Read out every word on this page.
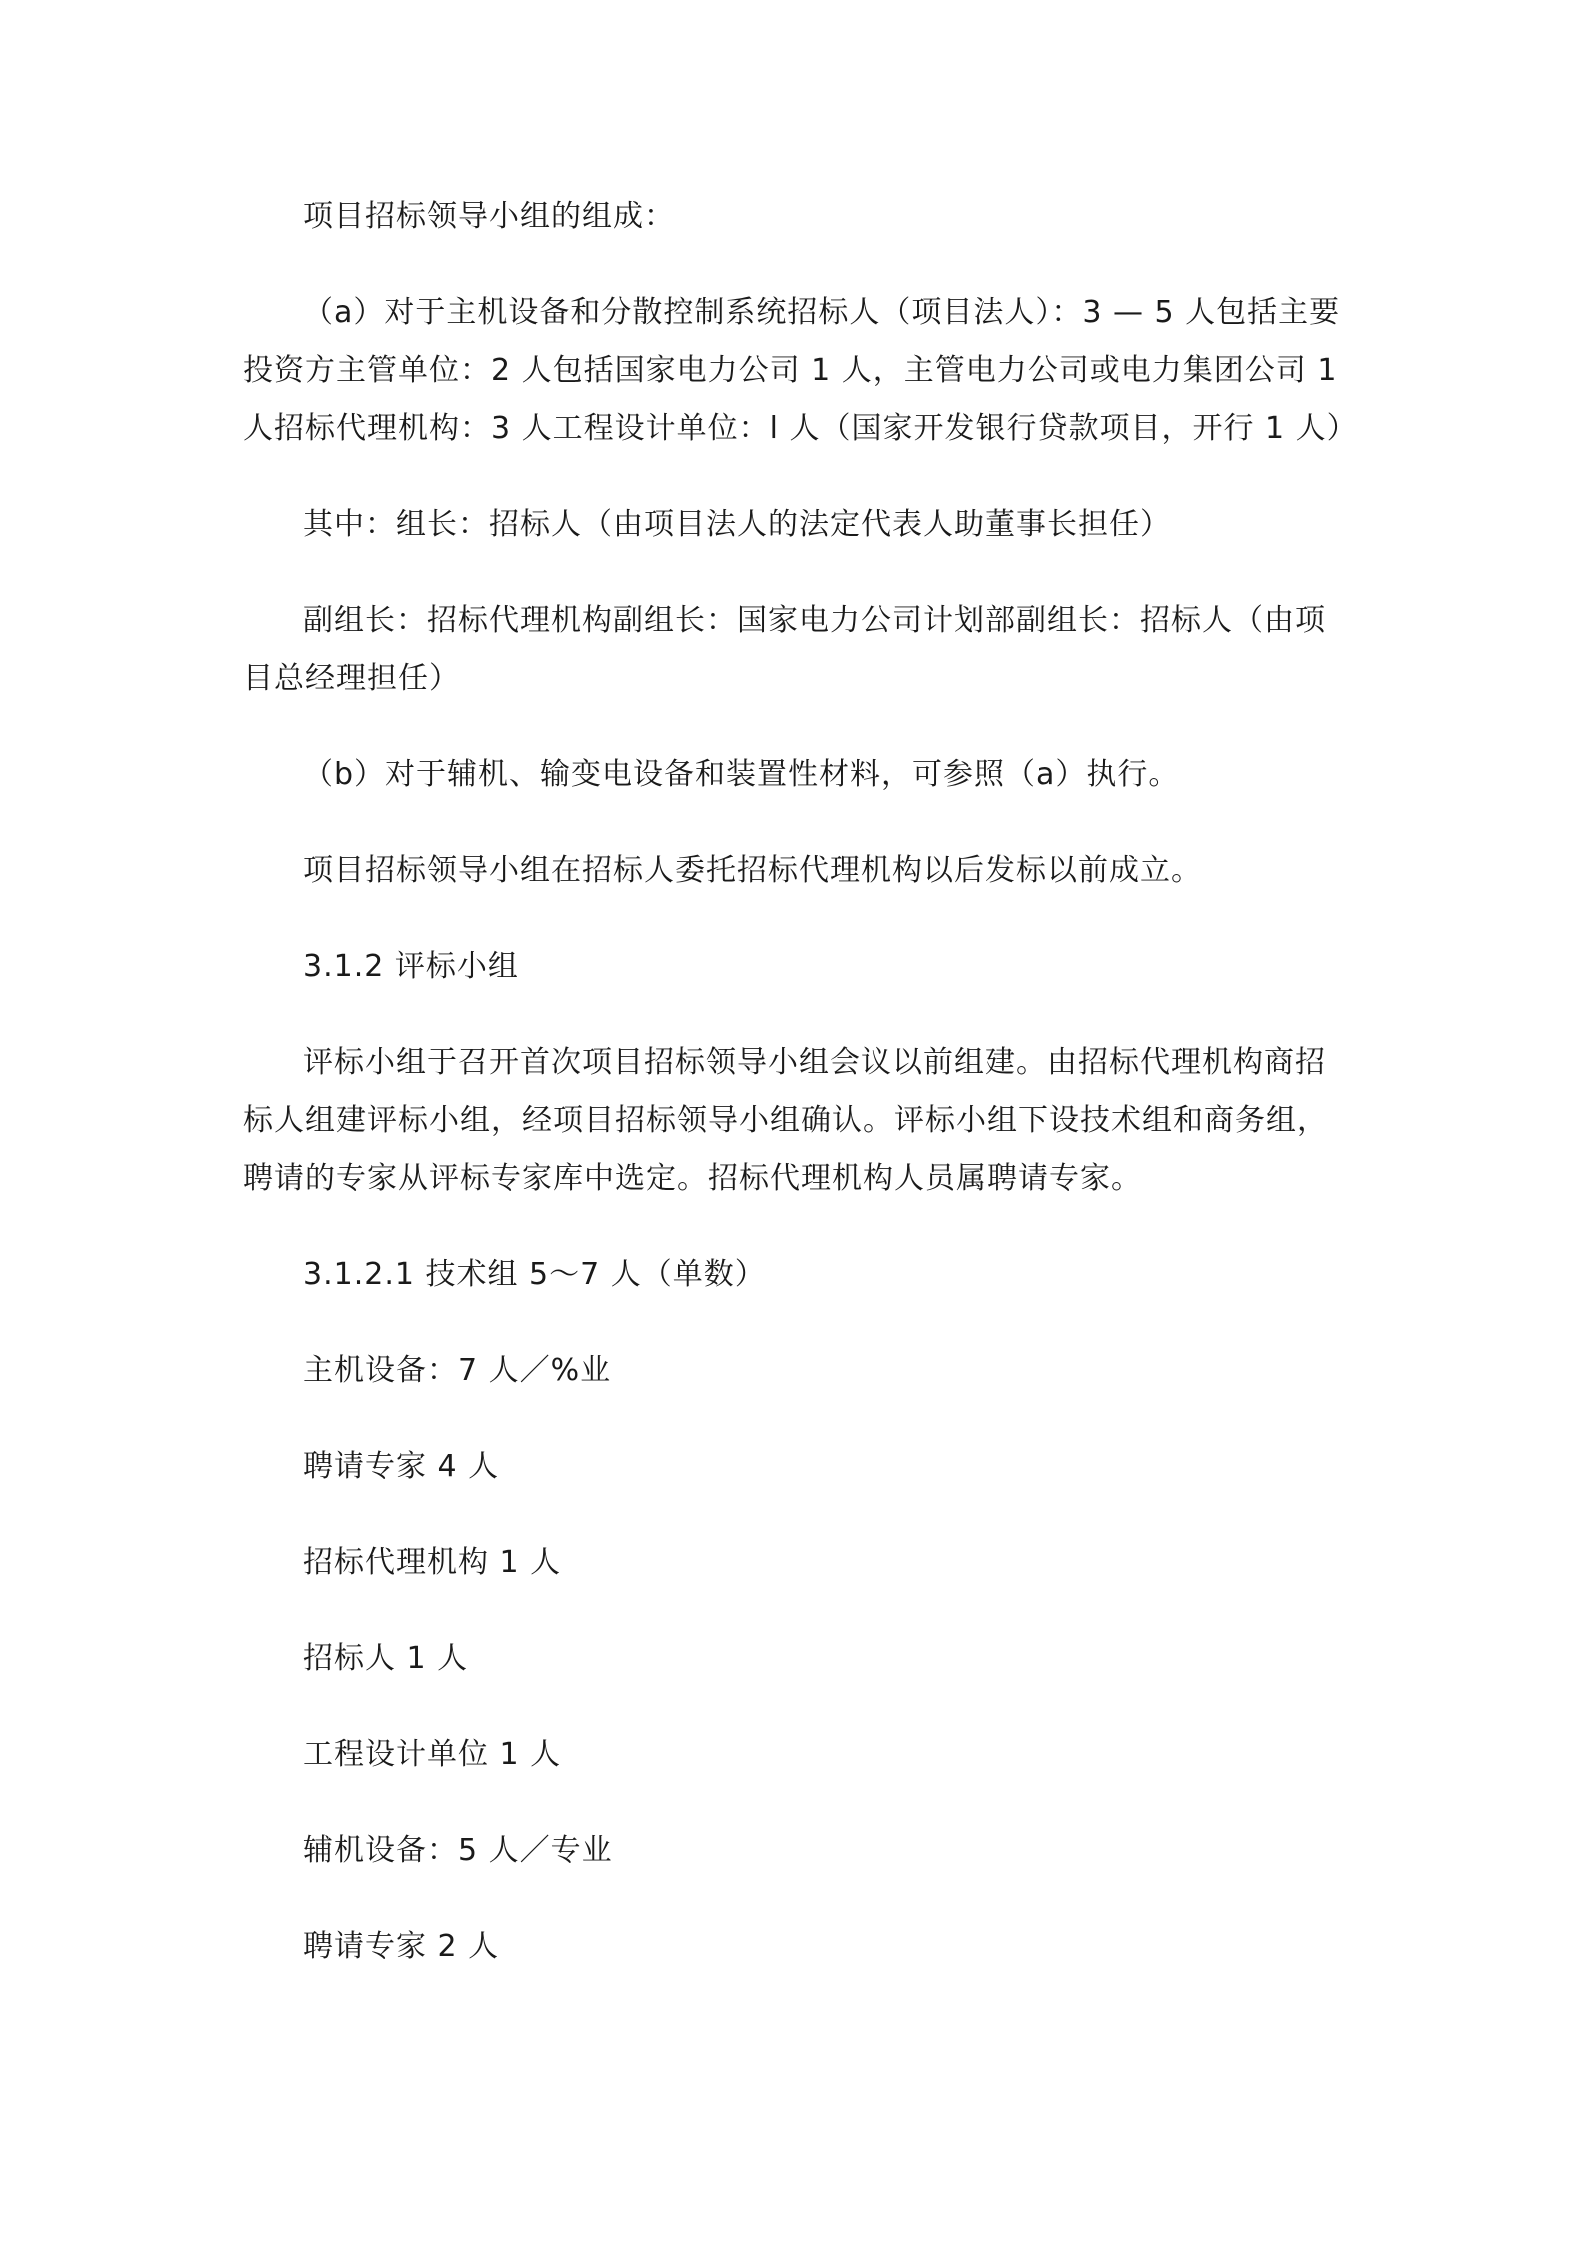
项目招标领导小组的组成：

（a）对于主机设备和分散控制系统招标人（项目法人）：3 — 5 人包括主要投资方主管单位：2 人包括国家电力公司 1 人，主管电力公司或电力集团公司 1 人招标代理机构：3 人工程设计单位：l 人（国家开发银行贷款项目，开行 1 人）

其中：组长：招标人（由项目法人的法定代表人助董事长担任）

副组长：招标代理机构副组长：国家电力公司计划部副组长：招标人（由项目总经理担任）

（b）对于辅机、输变电设备和装置性材料，可参照（a）执行。

项目招标领导小组在招标人委托招标代理机构以后发标以前成立。

3.1.2 评标小组

评标小组于召开首次项目招标领导小组会议以前组建。由招标代理机构商招标人组建评标小组，经项目招标领导小组确认。评标小组下设技术组和商务组，聘请的专家从评标专家库中选定。招标代理机构人员属聘请专家。

3.1.2.1 技术组 5～7 人（单数）

主机设备：7 人／%业

聘请专家 4 人

招标代理机构 1 人

招标人 1 人

工程设计单位 1 人

辅机设备：5 人／专业

聘请专家 2 人
